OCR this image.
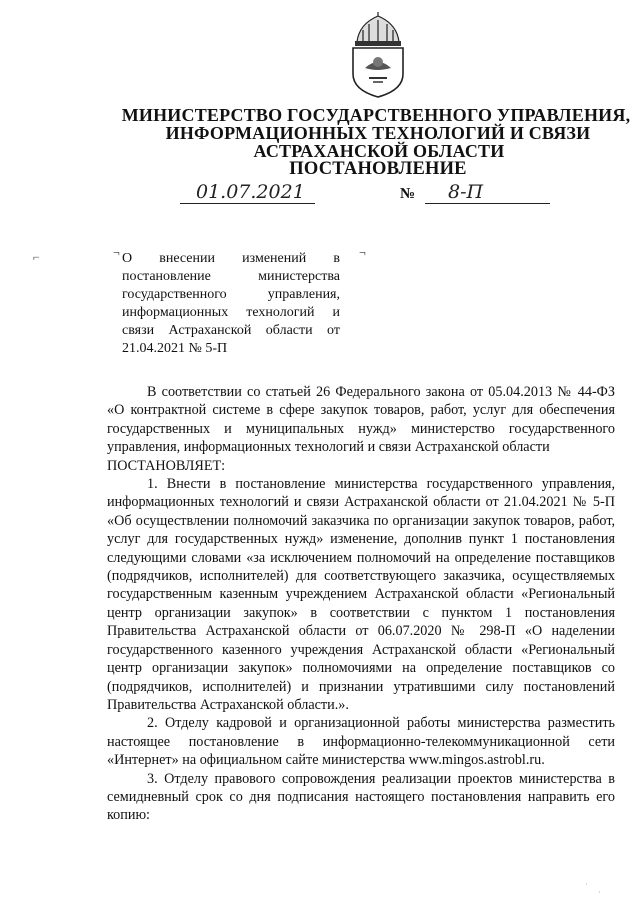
МИНИСТЕРСТВО ГОСУДАРСТВЕННОГО УПРАВЛЕНИЯ,
ИНФОРМАЦИОННЫХ ТЕХНОЛОГИЙ И СВЯЗИ
АСТРАХАНСКОЙ ОБЛАСТИ
ПОСТАНОВЛЕНИЕ
01.07.2021	№ 8-П
⌐	¬	¬
О внесении изменений в постановление министерства государственного управления, информационных технологий и связи Астраханской области от 21.04.2021 № 5-П

В соответствии со статьей 26 Федерального закона от 05.04.2013 № 44-ФЗ «О контрактной системе в сфере закупок товаров, работ, услуг для обеспечения государственных и муниципальных нужд» министерство государственного управления, информационных технологий и связи Астраханской области

ПОСТАНОВЛЯЕТ:

1. Внести в постановление министерства государственного управления, информационных технологий и связи Астраханской области от 21.04.2021 № 5-П «Об осуществлении полномочий заказчика по организации закупок товаров, работ, услуг для государственных нужд» изменение, дополнив пункт 1 постановления следующими словами «за исключением полномочий на определение поставщиков (подрядчиков, исполнителей) для соответствующего заказчика, осуществляемых государственным казенным учреждением Астраханской области «Региональный центр организации закупок» в соответствии с пунктом 1 постановления Правительства Астраханской области от 06.07.2020 № 298-П «О наделении государственного казенного учреждения Астраханской области «Региональный центр организации закупок» полномочиями на определение поставщиков со (подрядчиков, исполнителей) и признании утратившими силу постановлений Правительства Астраханской области.».

2. Отделу кадровой и организационной работы министерства разместить настоящее постановление в информационно-телекоммуникационной сети «Интернет» на официальном сайте министерства www.mingos.astrobl.ru.

3. Отделу правового сопровождения реализации проектов министерства в семидневный срок со дня подписания настоящего постановления направить его копию:

·
·
